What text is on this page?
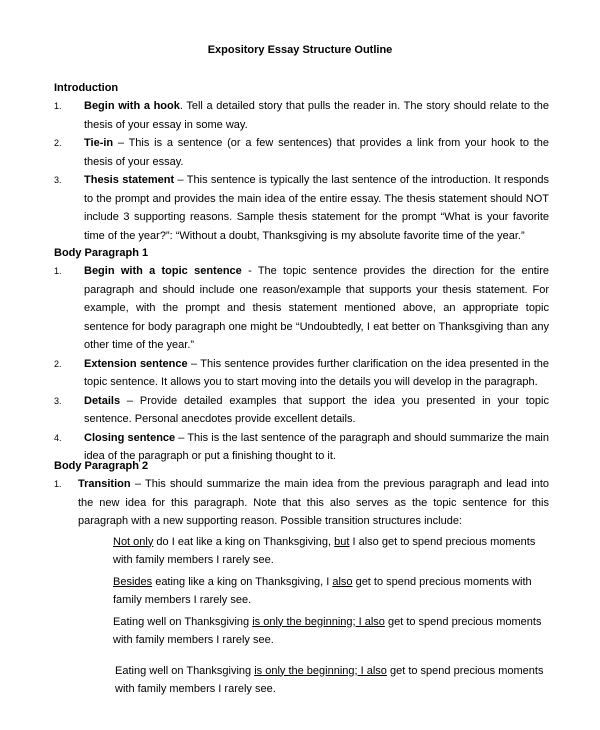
Expository Essay Structure Outline
Introduction
1. Begin with a hook. Tell a detailed story that pulls the reader in. The story should relate to the thesis of your essay in some way.
2. Tie-in – This is a sentence (or a few sentences) that provides a link from your hook to the thesis of your essay.
3. Thesis statement – This sentence is typically the last sentence of the introduction. It responds to the prompt and provides the main idea of the entire essay. The thesis statement should NOT include 3 supporting reasons. Sample thesis statement for the prompt “What is your favorite time of the year?”: “Without a doubt, Thanksgiving is my absolute favorite time of the year.”
Body Paragraph 1
1. Begin with a topic sentence - The topic sentence provides the direction for the entire paragraph and should include one reason/example that supports your thesis statement. For example, with the prompt and thesis statement mentioned above, an appropriate topic sentence for body paragraph one might be “Undoubtedly, I eat better on Thanksgiving than any other time of the year.”
2. Extension sentence – This sentence provides further clarification on the idea presented in the topic sentence. It allows you to start moving into the details you will develop in the paragraph.
3. Details – Provide detailed examples that support the idea you presented in your topic sentence. Personal anecdotes provide excellent details.
4. Closing sentence – This is the last sentence of the paragraph and should summarize the main idea of the paragraph or put a finishing thought to it.
Body Paragraph 2
1. Transition – This should summarize the main idea from the previous paragraph and lead into the new idea for this paragraph. Note that this also serves as the topic sentence for this paragraph with a new supporting reason. Possible transition structures include:

Not only do I eat like a king on Thanksgiving, but I also get to spend precious moments with family members I rarely see.

Besides eating like a king on Thanksgiving, I also get to spend precious moments with family members I rarely see.

Eating well on Thanksgiving is only the beginning; I also get to spend precious moments with family members I rarely see.

Eating well on Thanksgiving is only the beginning; I also get to spend precious moments with family members I rarely see.
